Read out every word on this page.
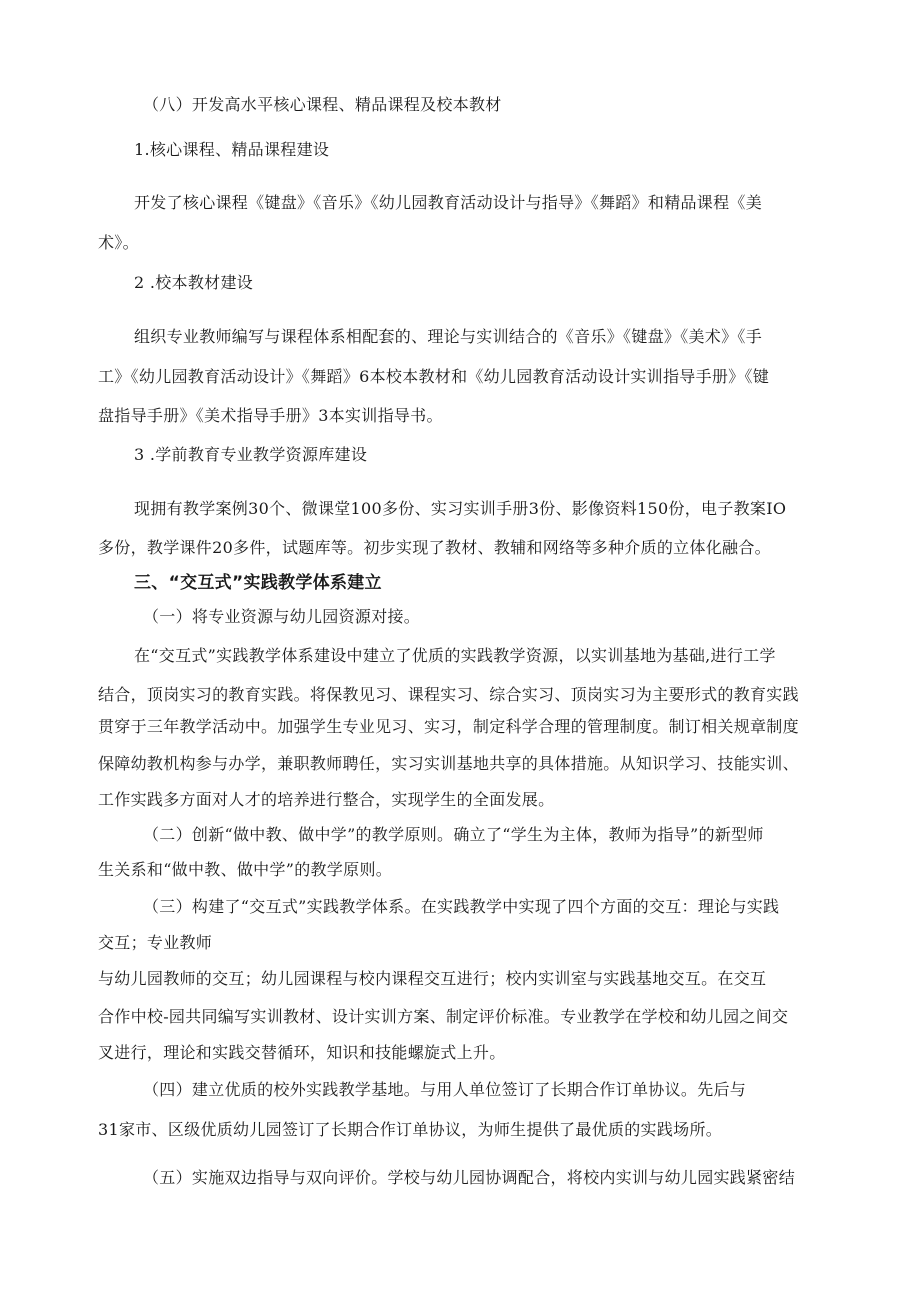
（八）开发高水平核心课程、精品课程及校本教材
1.核心课程、精品课程建设
开发了核心课程《键盘》《音乐》《幼儿园教育活动设计与指导》《舞蹈》和精品课程《美
术》。
2 .校本教材建设
组织专业教师编写与课程体系相配套的、理论与实训结合的《音乐》《键盘》《美术》《手
工》《幼儿园教育活动设计》《舞蹈》6本校本教材和《幼儿园教育活动设计实训指导手册》《键
盘指导手册》《美术指导手册》3本实训指导书。
3 .学前教育专业教学资源库建设
现拥有教学案例30个、微课堂100多份、实习实训手册3份、影像资料150份，电子教案IO
多份，教学课件20多件，试题库等。初步实现了教材、教辅和网络等多种介质的立体化融合。
三、“交互式”实践教学体系建立
（一）将专业资源与幼儿园资源对接。
在“交互式”实践教学体系建设中建立了优质的实践教学资源，以实训基地为基础,进行工学
结合，顶岗实习的教育实践。将保教见习、课程实习、综合实习、顶岗实习为主要形式的教育实践
贯穿于三年教学活动中。加强学生专业见习、实习，制定科学合理的管理制度。制订相关规章制度
保障幼教机构参与办学，兼职教师聘任，实习实训基地共享的具体措施。从知识学习、技能实训、
工作实践多方面对人才的培养进行整合，实现学生的全面发展。
（二）创新“做中教、做中学”的教学原则。确立了“学生为主体，教师为指导”的新型师
生关系和“做中教、做中学”的教学原则。
（三）构建了“交互式”实践教学体系。在实践教学中实现了四个方面的交互：理论与实践
交互；专业教师
与幼儿园教师的交互；幼儿园课程与校内课程交互进行；校内实训室与实践基地交互。在交互
合作中校-园共同编写实训教材、设计实训方案、制定评价标准。专业教学在学校和幼儿园之间交
叉进行，理论和实践交替循环，知识和技能螺旋式上升。
（四）建立优质的校外实践教学基地。与用人单位签订了长期合作订单协议。先后与
31家市、区级优质幼儿园签订了长期合作订单协议，为师生提供了最优质的实践场所。
（五）实施双边指导与双向评价。学校与幼儿园协调配合，将校内实训与幼儿园实践紧密结
